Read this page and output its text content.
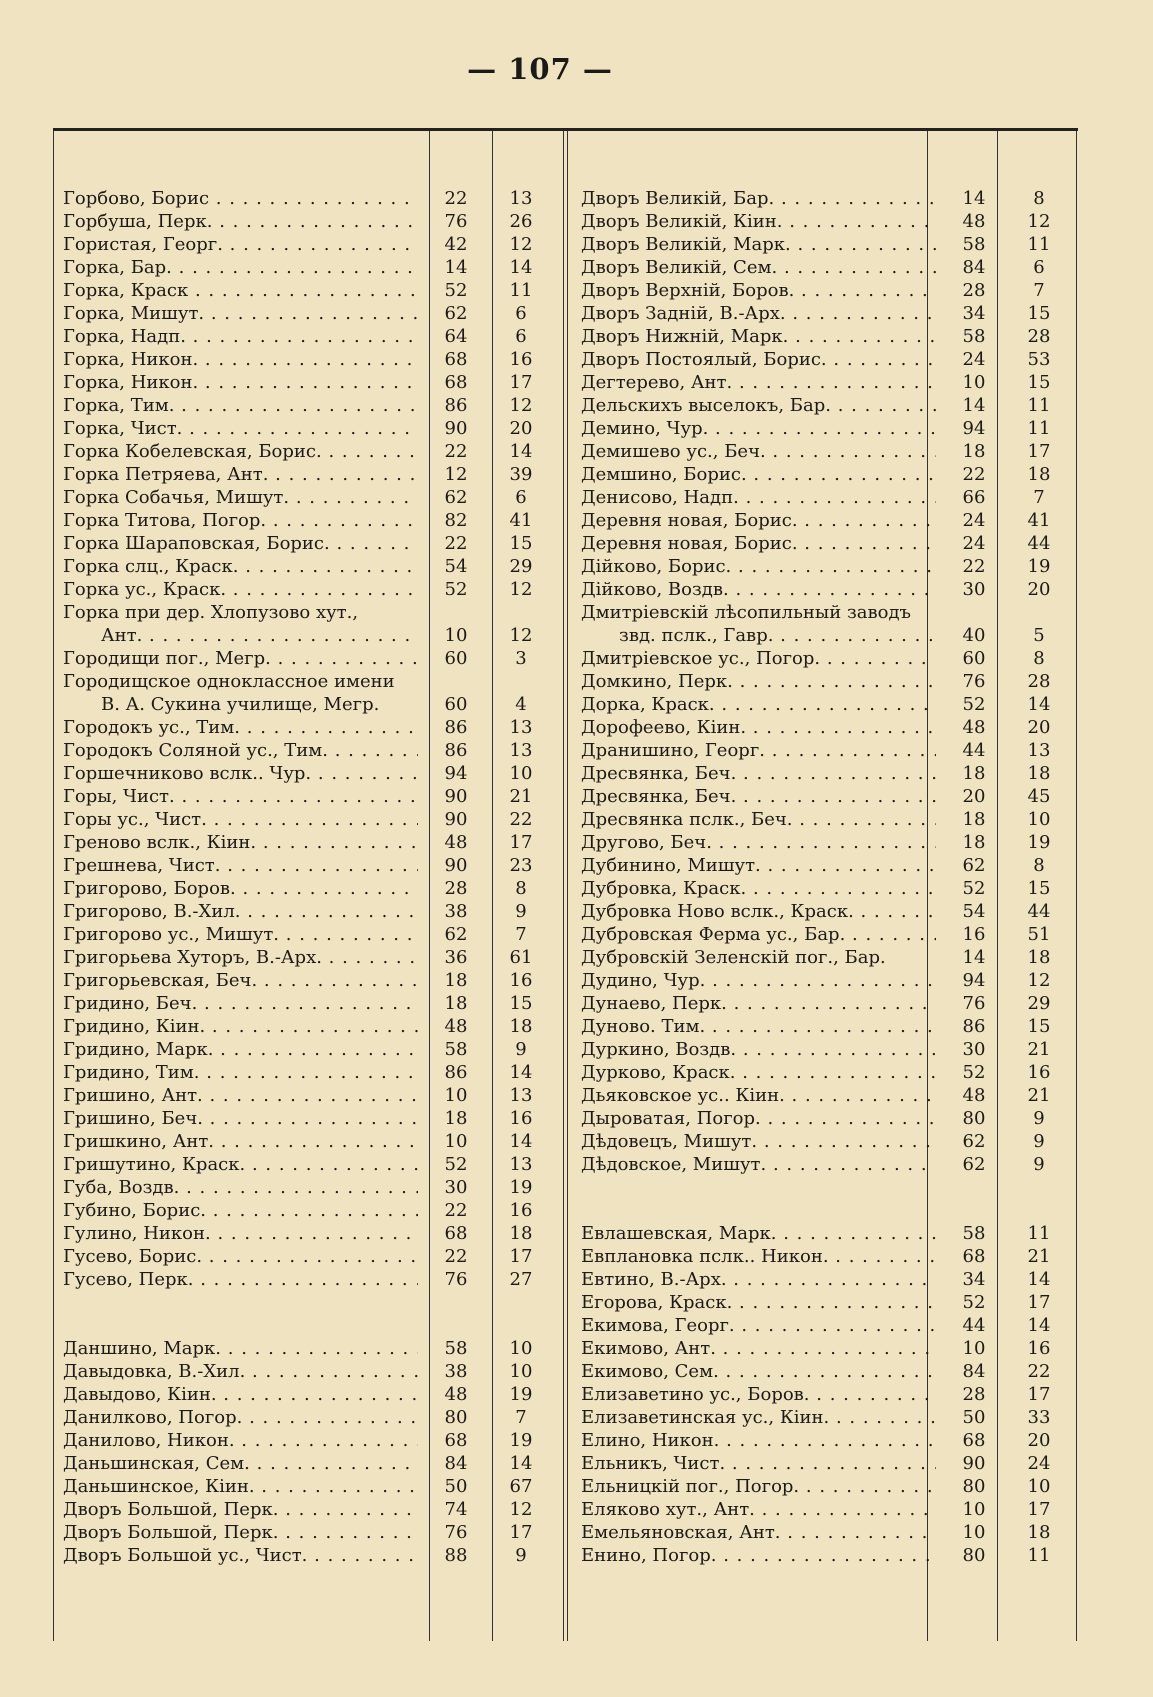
— 107 —
Горбово, Борис . . .	22	13
Горбуша, Перк. . . .	76	26
Гористая, Георг. . . .	42	12
Горка, Бар. . . .	14	14
Горка, Краск . . .	52	11
Горка, Мишут. . . .	62	6
Горка, Надп. . . .	64	6
Горка, Никон. . . .	68	16
Горка, Никон. . . .	68	17
Горка, Тим. . . .	86	12
Горка, Чист. . . .	90	20
Горка Кобелевская, Борис. . . .	22	14
Горка Петряева, Ант. . . .	12	39
Горка Собачья, Мишут. . . .	62	6
Горка Титова, Погор. . . .	82	41
Горка Шараповская, Борис. . . .	22	15
Горка слц., Краск. . . .	54	29
Горка ус., Краск. . . .	52	12
Горка при дер. Хлопузово хут.,
Ант. . . .	10	12
Городищи пог., Мегр. . . .	60	3
Городищское одноклассное имени
В. А. Сукина училище, Мегр.	60	4
Городокъ ус., Тим. . . .	86	13
Городокъ Соляной ус., Тим. . . .	86	13
Горшечниково вслк.. Чур. . . .	94	10
Горы, Чист. . . .	90	21
Горы ус., Чист. . . .	90	22
Греново вслк., Кiин. . . .	48	17
Грешнева, Чист. . . .	90	23
Григорово, Боров. . . .	28	8
Григорово, В.-Хил. . . .	38	9
Григорово ус., Мишут. . . .	62	7
Григорьева Хуторъ, В.-Арх. . . .	36	61
Григорьевская, Беч. . . .	18	16
Гридино, Беч. . . .	18	15
Гридино, Кiин. . . .	48	18
Гридино, Марк. . . .	58	9
Гридино, Тим. . . .	86	14
Гришино, Ант. . . .	10	13
Гришино, Беч. . . .	18	16
Гришкино, Ант. . . .	10	14
Гришутино, Краск. . . .	52	13
Губа, Воздв. . . .	30	19
Губино, Борис. . . .	22	16
Гулино, Никон. . . .	68	18
Гусево, Борис. . . .	22	17
Гусево, Перк. . . .	76	27
Даншино, Марк. . . .	58	10
Давыдовка, В.-Хил. . . .	38	10
Давыдово, Кiин. . . .	48	19
Данилково, Погор. . . .	80	7
Данилово, Никон. . . .	68	19
Даньшинская, Сем. . . .	84	14
Даньшинское, Кiин. . . .	50	67
Дворъ Большой, Перк. . . .	74	12
Дворъ Большой, Перк. . . .	76	17
Дворъ Большой ус., Чист. . . .	88	9
Дворъ Великiй, Бар. . . .	14	8
Дворъ Великiй, Кiин. . . .	48	12
Дворъ Великiй, Марк. . . .	58	11
Дворъ Великiй, Сем. . . .	84	6
Дворъ Верхнiй, Боров. . . .	28	7
Дворъ Заднiй, В.-Арх. . . .	34	15
Дворъ Нижнiй, Марк. . . .	58	28
Дворъ Постоялый, Борис. . . .	24	53
Дегтерево, Ант. . . .	10	15
Дельскихъ выселокъ, Бар. . . .	14	11
Демино, Чур. . . .	94	11
Демишево ус., Беч. . . .	18	17
Демшино, Борис. . . .	22	18
Денисово, Надп. . . .	66	7
Деревня новая, Борис. . . .	24	41
Деревня новая, Борис. . . .	24	44
Дiйково, Борис. . . .	22	19
Дiйково, Воздв. . . .	30	20
Дмитрiевскiй лѣсопильный заводъ
звд. пслк., Гавр. . . .	40	5
Дмитрiевское ус., Погор. . . .	60	8
Домкино, Перк. . . .	76	28
Дорка, Краск. . . .	52	14
Дорофеево, Кiин. . . .	48	20
Дранишино, Георг. . . .	44	13
Дресвянка, Беч. . . .	18	18
Дресвянка, Беч. . . .	20	45
Дресвянка пслк., Беч. . . .	18	10
Другово, Беч. . . .	18	19
Дубинино, Мишут. . . .	62	8
Дубровка, Краск. . . .	52	15
Дубровка Ново вслк., Краск. . . .	54	44
Дубровская Ферма ус., Бар. . . .	16	51
Дубровскiй Зеленскiй пог., Бар.	14	18
Дудино, Чур. . . .	94	12
Дунаево, Перк. . . .	76	29
Дуново. Тим. . . .	86	15
Дуркино, Воздв. . . .	30	21
Дурково, Краск. . . .	52	16
Дьяковское ус.. Кiин. . . .	48	21
Дыроватая, Погор. . . .	80	9
Дѣдовецъ, Мишут. . . .	62	9
Дѣдовское, Мишут. . . .	62	9
Евлашевская, Марк. . . .	58	11
Евплановка пслк.. Никон. . . .	68	21
Евтино, В.-Арх. . . .	34	14
Егорова, Краск. . . .	52	17
Екимова, Георг. . . .	44	14
Екимово, Ант. . . .	10	16
Екимово, Сем. . . .	84	22
Елизаветино ус., Боров. . . .	28	17
Елизаветинская ус., Кiин. . . .	50	33
Елино, Никон. . . .	68	20
Ельникъ, Чист. . . .	90	24
Ельницкiй пог., Погор. . . .	80	10
Еляково хут., Ант. . . .	10	17
Емельяновская, Ант. . . .	10	18
Енино, Погор. . . .	80	11
